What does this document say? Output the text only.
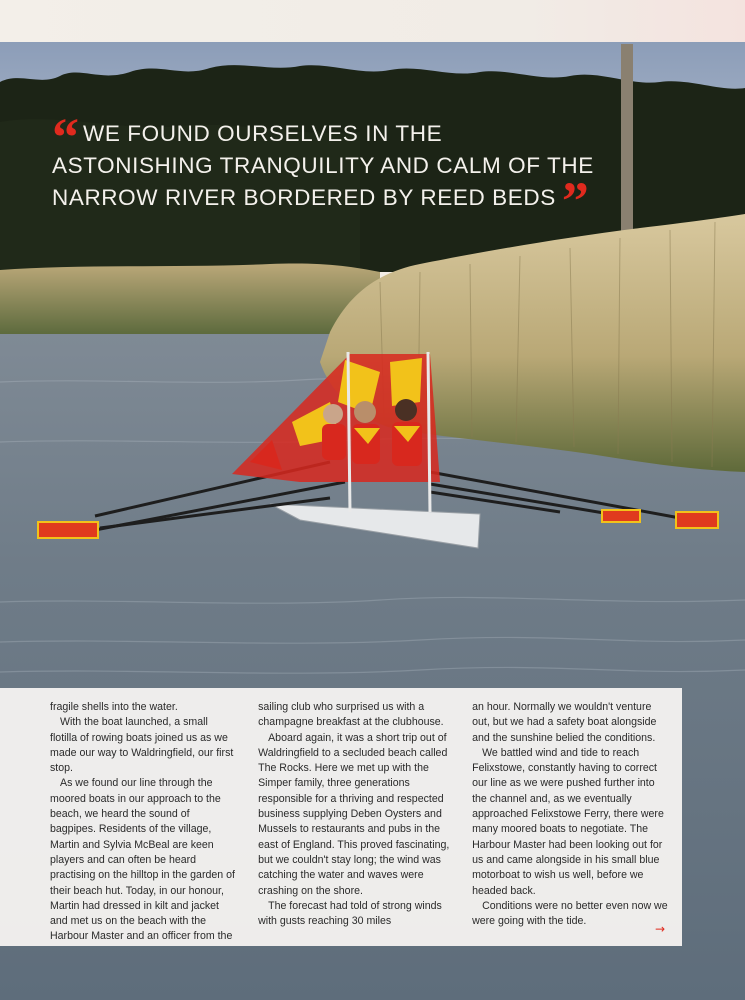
“ WE FOUND OURSELVES IN THE
ASTONISHING TRANQUILITY AND CALM OF THE
NARROW RIVER BORDERED BY REED BEDS ”

fragile shells into the water.

With the boat launched, a small flotilla of rowing boats joined us as we made our way to Waldringfield, our first stop.

As we found our line through the moored boats in our approach to the beach, we heard the sound of bagpipes. Residents of the village, Martin and Sylvia McBeal are keen players and can often be heard practising on the hilltop in the garden of their beach hut. Today, in our honour, Martin had dressed in kilt and jacket and met us on the beach with the Harbour Master and an officer from the

sailing club who surprised us with a champagne breakfast at the clubhouse.

Aboard again, it was a short trip out of Waldringfield to a secluded beach called The Rocks. Here we met up with the Simper family, three generations responsible for a thriving and respected business supplying Deben Oysters and Mussels to restaurants and pubs in the east of England. This proved fascinating, but we couldn't stay long; the wind was catching the water and waves were crashing on the shore.

The forecast had told of strong winds with gusts reaching 30 miles

an hour. Normally we wouldn't venture out, but we had a safety boat alongside and the sunshine belied the conditions.

We battled wind and tide to reach Felixstowe, constantly having to correct our line as we were pushed further into the channel and, as we eventually approached Felixstowe Ferry, there were many moored boats to negotiate. The Harbour Master had been looking out for us and came alongside in his small blue motorboat to wish us well, before we headed back.

Conditions were no better even now we were going with the tide.

→
